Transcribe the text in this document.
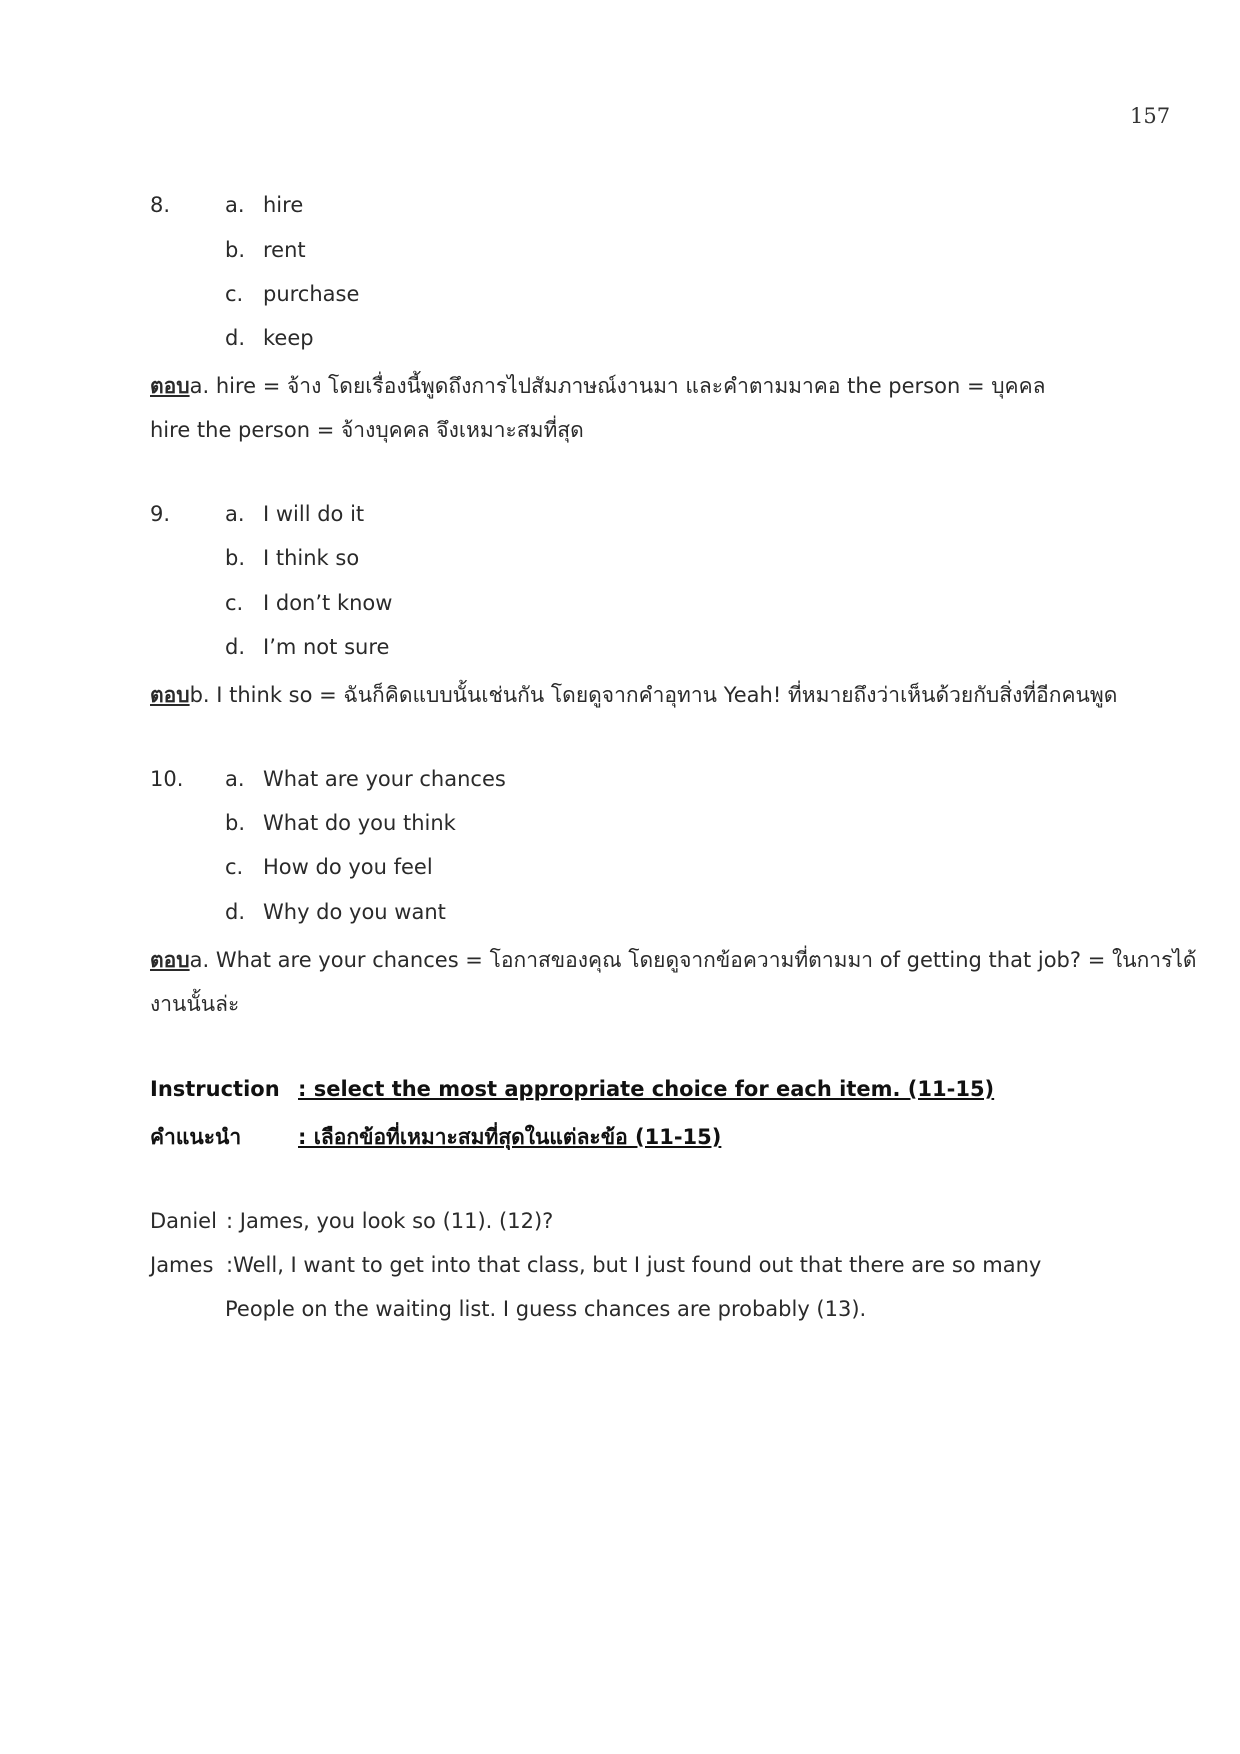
157
8.	a. hire
b. rent
c. purchase
d. keep
ตอบa. hire = จ้าง โดยเรื่องนี้พูดถึงการไปสัมภาษณ์งานมา และคำตามมาคอ the person = บุคคล
hire the person = จ้างบุคคล จึงเหมาะสมที่สุด
9.	a. I will do it
b. I think so
c. I don’t know
d. I’m not sure
ตอบb. I think so = ฉันก็คิดแบบนั้นเช่นกัน โดยดูจากคำอุทาน Yeah! ที่หมายถึงว่าเห็นด้วยกับสิ่งที่อีกคนพูด
10. a. What are your chances
b. What do you think
c. How do you feel
d. Why do you want
ตอบa. What are your chances = โอกาสของคุณ โดยดูจากข้อความที่ตามมา of getting that job? = ในการได้
งานนั้นล่ะ
Instruction : select the most appropriate choice for each item. (11-15)
คำแนะนำ	: เลือกข้อที่เหมาะสมที่สุดในแต่ละข้อ (11-15)
Daniel : James, you look so (11). (12)?
James :Well, I want to get into that class, but I just found out that there are so many
People on the waiting list. I guess chances are probably (13).
